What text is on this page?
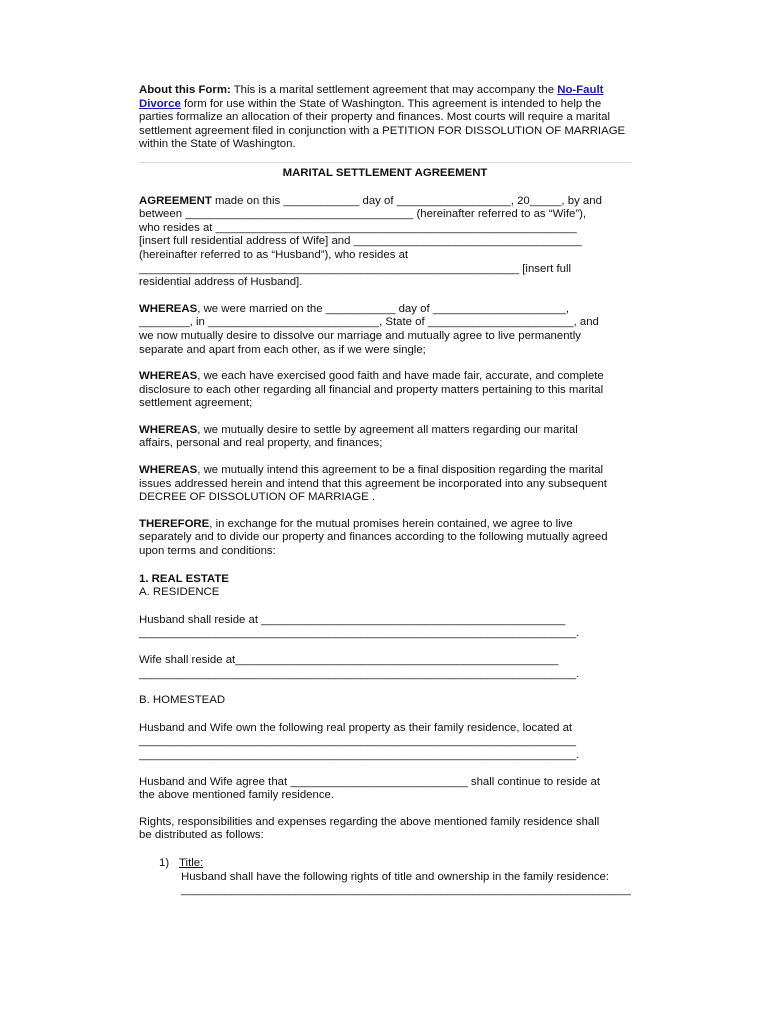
About this Form: This is a marital settlement agreement that may accompany the No-Fault Divorce form for use within the State of Washington. This agreement is intended to help the parties formalize an allocation of their property and finances. Most courts will require a marital settlement agreement filed in conjunction with a PETITION FOR DISSOLUTION OF MARRIAGE within the State of Washington.

MARITAL SETTLEMENT AGREEMENT

AGREEMENT made on this ____________ day of __________________, 20_____, by and
between ____________________________________ (hereinafter referred to as “Wife”),
who resides at _________________________________________________________
[insert full residential address of Wife] and ____________________________________
(hereinafter referred to as “Husband”), who resides at
____________________________________________________________ [insert full
residential address of Husband].

WHEREAS, we were married on the ___________ day of _____________________,
________, in ___________________________, State of _______________________, and
we now mutually desire to dissolve our marriage and mutually agree to live permanently
separate and apart from each other, as if we were single;

WHEREAS, we each have exercised good faith and have made fair, accurate, and complete
disclosure to each other regarding all financial and property matters pertaining to this marital
settlement agreement;

WHEREAS, we mutually desire to settle by agreement all matters regarding our marital
affairs, personal and real property, and finances;

WHEREAS, we mutually intend this agreement to be a final disposition regarding the marital
issues addressed herein and intend that this agreement be incorporated into any subsequent
DECREE OF DISSOLUTION OF MARRIAGE .

THEREFORE, in exchange for the mutual promises herein contained, we agree to live
separately and to divide our property and finances according to the following mutually agreed
upon terms and conditions:

1. REAL ESTATE

A. RESIDENCE

Husband shall reside at ________________________________________________
_____________________________________________________________________.

Wife shall reside at___________________________________________________
_____________________________________________________________________.

B. HOMESTEAD

Husband and Wife own the following real property as their family residence, located at
_____________________________________________________________________
_____________________________________________________________________.

Husband and Wife agree that ____________________________ shall continue to reside at
the above mentioned family residence.

Rights, responsibilities and expenses regarding the above mentioned family residence shall
be distributed as follows:

1) Title:

Husband shall have the following rights of title and ownership in the family residence:
_______________________________________________________________________
